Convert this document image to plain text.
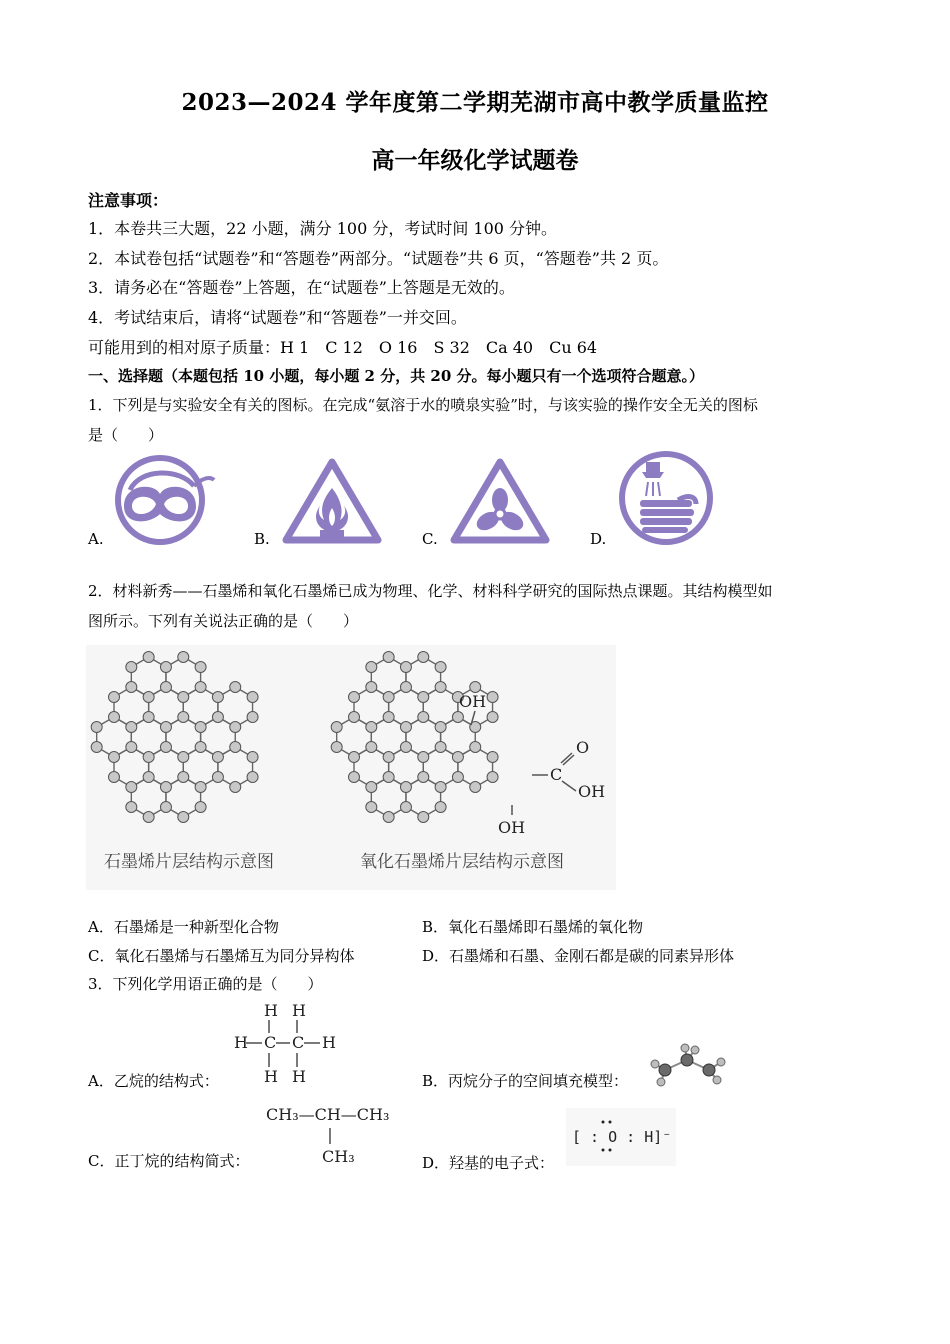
2023—2024 学年度第二学期芜湖市高中教学质量监控
高一年级化学试题卷
注意事项：
1．本卷共三大题，22 小题，满分 100 分，考试时间 100 分钟。
2．本试卷包括“试题卷”和“答题卷”两部分。“试题卷”共 6 页，“答题卷”共 2 页。
3．请务必在“答题卷”上答题，在“试题卷”上答题是无效的。
4．考试结束后，请将“试题卷”和“答题卷”一并交回。
可能用到的相对原子质量：H 1　C 12　O 16　S 32　Ca 40　Cu 64
一、选择题（本题包括 10 小题，每小题 2 分，共 20 分。每小题只有一个选项符合题意。）
1．下列是与实验安全有关的图标。在完成“氨溶于水的喷泉实验”时，与该实验的操作安全无关的图标
是（　　）
A.	B.	C.	D.
2．材料新秀——石墨烯和氧化石墨烯已成为物理、化学、材料科学研究的国际热点课题。其结构模型如
图所示。下列有关说法正确的是（　　）
OH
OH
C
O
OH
石墨烯片层结构示意图	氧化石墨烯片层结构示意图
A．石墨烯是一种新型化合物	B．氧化石墨烯即石墨烯的氧化物
C．氧化石墨烯与石墨烯互为同分异构体	D．石墨烯和石墨、金刚石都是碳的同素异形体
3．下列化学用语正确的是（　　）
A．乙烷的结构式：	B．丙烷分子的空间填充模型：
C．正丁烷的结构简式：	D．羟基的电子式：
H H
H C C H
H H
CH₃—CH—CH₃
CH₃
[ : O : H]⁻
